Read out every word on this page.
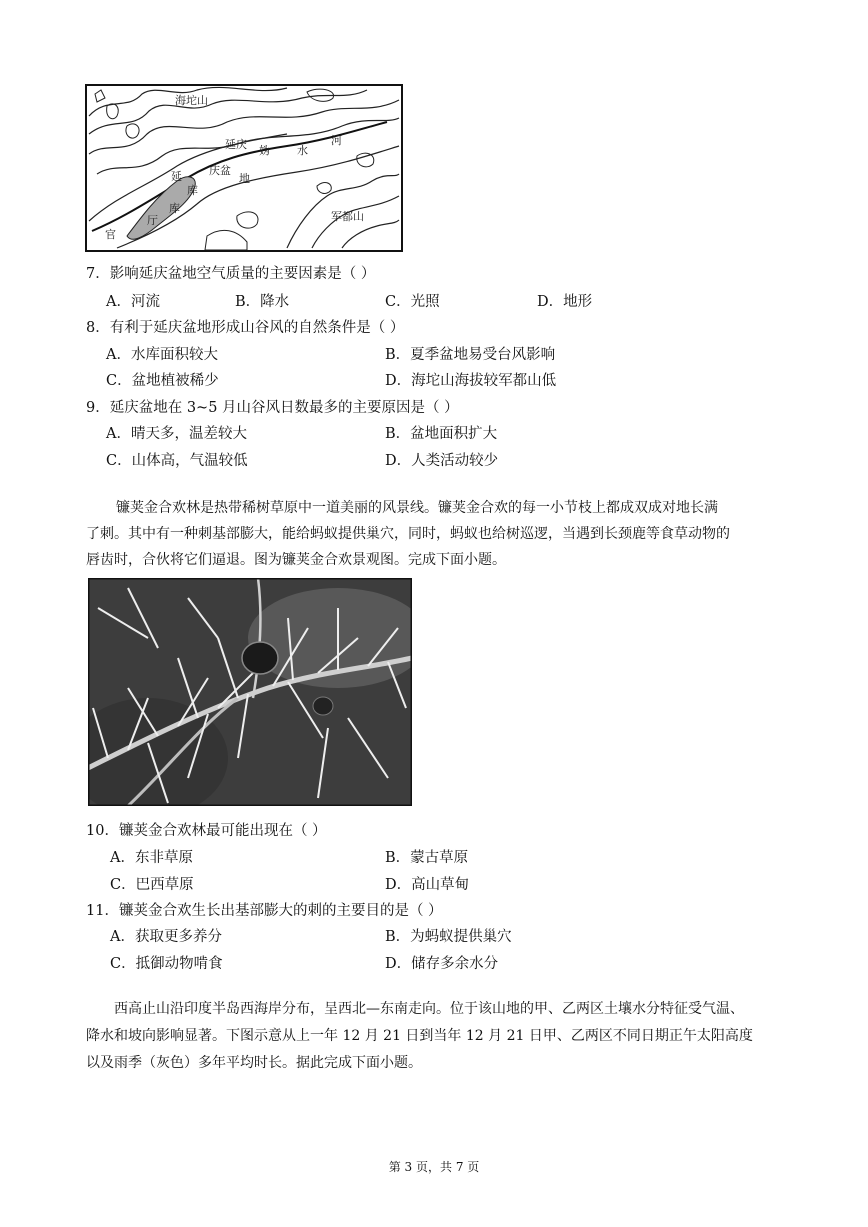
海坨山
延庆 妫 水
河
庆盆
地
延
库
库
厅
官
军都山
7．影响延庆盆地空气质量的主要因素是（ ）
A．河流	B．降水	C．光照	D．地形
8．有利于延庆盆地形成山谷风的自然条件是（ ）
A．水库面积较大	B．夏季盆地易受台风影响
C．盆地植被稀少	D．海坨山海拔较军都山低
9．延庆盆地在 3~5 月山谷风日数最多的主要原因是（ ）
A．晴天多，温差较大	B．盆地面积扩大
C．山体高，气温较低	D．人类活动较少
镰荚金合欢林是热带稀树草原中一道美丽的风景线。镰荚金合欢的每一小节枝上都成双成对地长满
了刺。其中有一种刺基部膨大，能给蚂蚁提供巢穴，同时，蚂蚁也给树巡逻，当遇到长颈鹿等食草动物的
唇齿时，合伙将它们逼退。图为镰荚金合欢景观图。完成下面小题。
10．镰荚金合欢林最可能出现在（ ）
A．东非草原	B．蒙古草原
C．巴西草原	D．高山草甸
11．镰荚金合欢生长出基部膨大的刺的主要目的是（ ）
A．获取更多养分	B．为蚂蚁提供巢穴
C．抵御动物啃食	D．储存多余水分
西高止山沿印度半岛西海岸分布，呈西北—东南走向。位于该山地的甲、乙两区土壤水分特征受气温、
降水和坡向影响显著。下图示意从上一年 12 月 21 日到当年 12 月 21 日甲、乙两区不同日期正午太阳高度
以及雨季（灰色）多年平均时长。据此完成下面小题。
第 3 页，共 7 页
